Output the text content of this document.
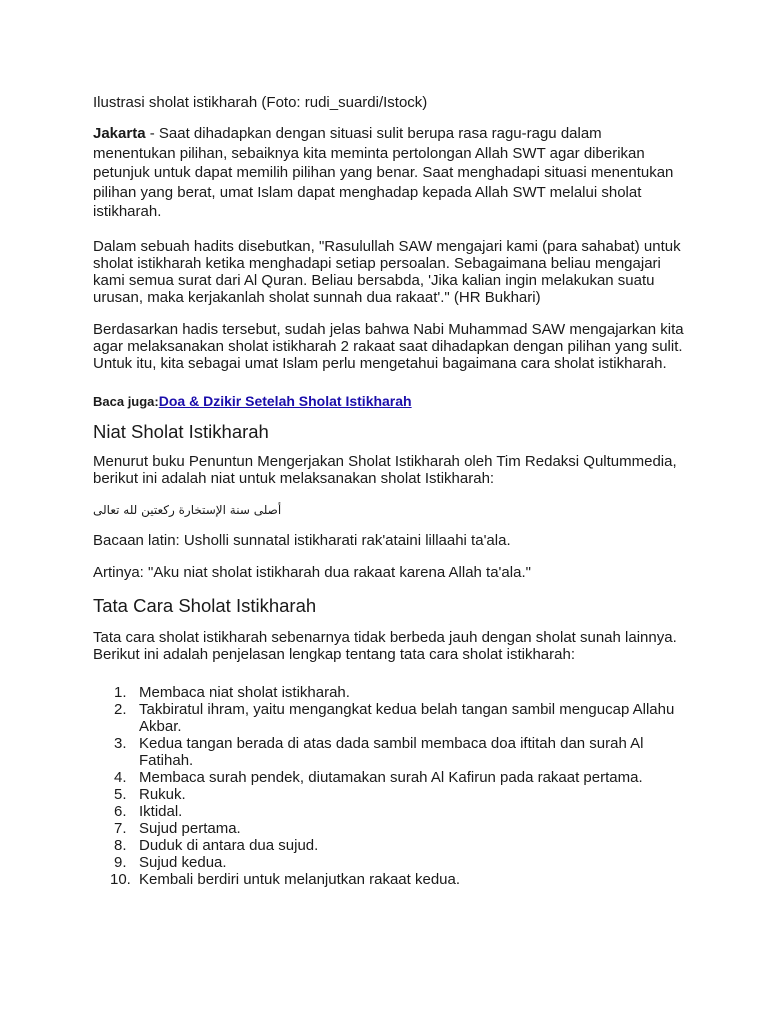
Ilustrasi sholat istikharah (Foto: rudi_suardi/Istock)

Jakarta - Saat dihadapkan dengan situasi sulit berupa rasa ragu-ragu dalam menentukan pilihan, sebaiknya kita meminta pertolongan Allah SWT agar diberikan petunjuk untuk dapat memilih pilihan yang benar. Saat menghadapi situasi menentukan pilihan yang berat, umat Islam dapat menghadap kepada Allah SWT melalui sholat istikharah.

Dalam sebuah hadits disebutkan, "Rasulullah SAW mengajari kami (para sahabat) untuk sholat istikharah ketika menghadapi setiap persoalan. Sebagaimana beliau mengajari kami semua surat dari Al Quran. Beliau bersabda, 'Jika kalian ingin melakukan suatu urusan, maka kerjakanlah sholat sunnah dua rakaat'." (HR Bukhari)

Berdasarkan hadis tersebut, sudah jelas bahwa Nabi Muhammad SAW mengajarkan kita agar melaksanakan sholat istikharah 2 rakaat saat dihadapkan dengan pilihan yang sulit. Untuk itu, kita sebagai umat Islam perlu mengetahui bagaimana cara sholat istikharah.

Baca juga:Doa & Dzikir Setelah Sholat Istikharah

Niat Sholat Istikharah

Menurut buku Penuntun Mengerjakan Sholat Istikharah oleh Tim Redaksi Qultummedia, berikut ini adalah niat untuk melaksanakan sholat Istikharah:

أصلى سنة الإستخارة ركعتين لله تعالى

Bacaan latin: Usholli sunnatal istikharati rak'ataini lillaahi ta'ala.

Artinya: "Aku niat sholat istikharah dua rakaat karena Allah ta'ala."

Tata Cara Sholat Istikharah

Tata cara sholat istikharah sebenarnya tidak berbeda jauh dengan sholat sunah lainnya. Berikut ini adalah penjelasan lengkap tentang tata cara sholat istikharah:

1. Membaca niat sholat istikharah.
2. Takbiratul ihram, yaitu mengangkat kedua belah tangan sambil mengucap Allahu Akbar.
3. Kedua tangan berada di atas dada sambil membaca doa iftitah dan surah Al Fatihah.
4. Membaca surah pendek, diutamakan surah Al Kafirun pada rakaat pertama.
5. Rukuk.
6. Iktidal.
7. Sujud pertama.
8. Duduk di antara dua sujud.
9. Sujud kedua.
10. Kembali berdiri untuk melanjutkan rakaat kedua.
